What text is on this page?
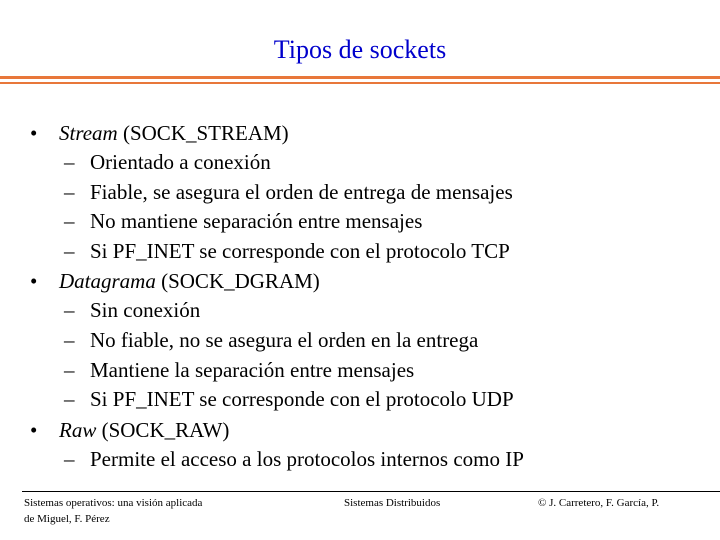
Tipos de sockets
• Stream (SOCK_STREAM)
– Orientado a conexión
– Fiable, se asegura el orden de entrega de mensajes
– No mantiene separación entre mensajes
– Si PF_INET se corresponde con el protocolo TCP
• Datagrama (SOCK_DGRAM)
– Sin conexión
– No fiable, no se asegura el orden en la entrega
– Mantiene la separación entre mensajes
– Si PF_INET se corresponde con el protocolo UDP
• Raw (SOCK_RAW)
– Permite el acceso a los protocolos internos como IP
Sistemas operativos: una visión aplicada
de Miguel, F. Pérez
Sistemas Distribuidos	© J. Carretero, F. García, P.
